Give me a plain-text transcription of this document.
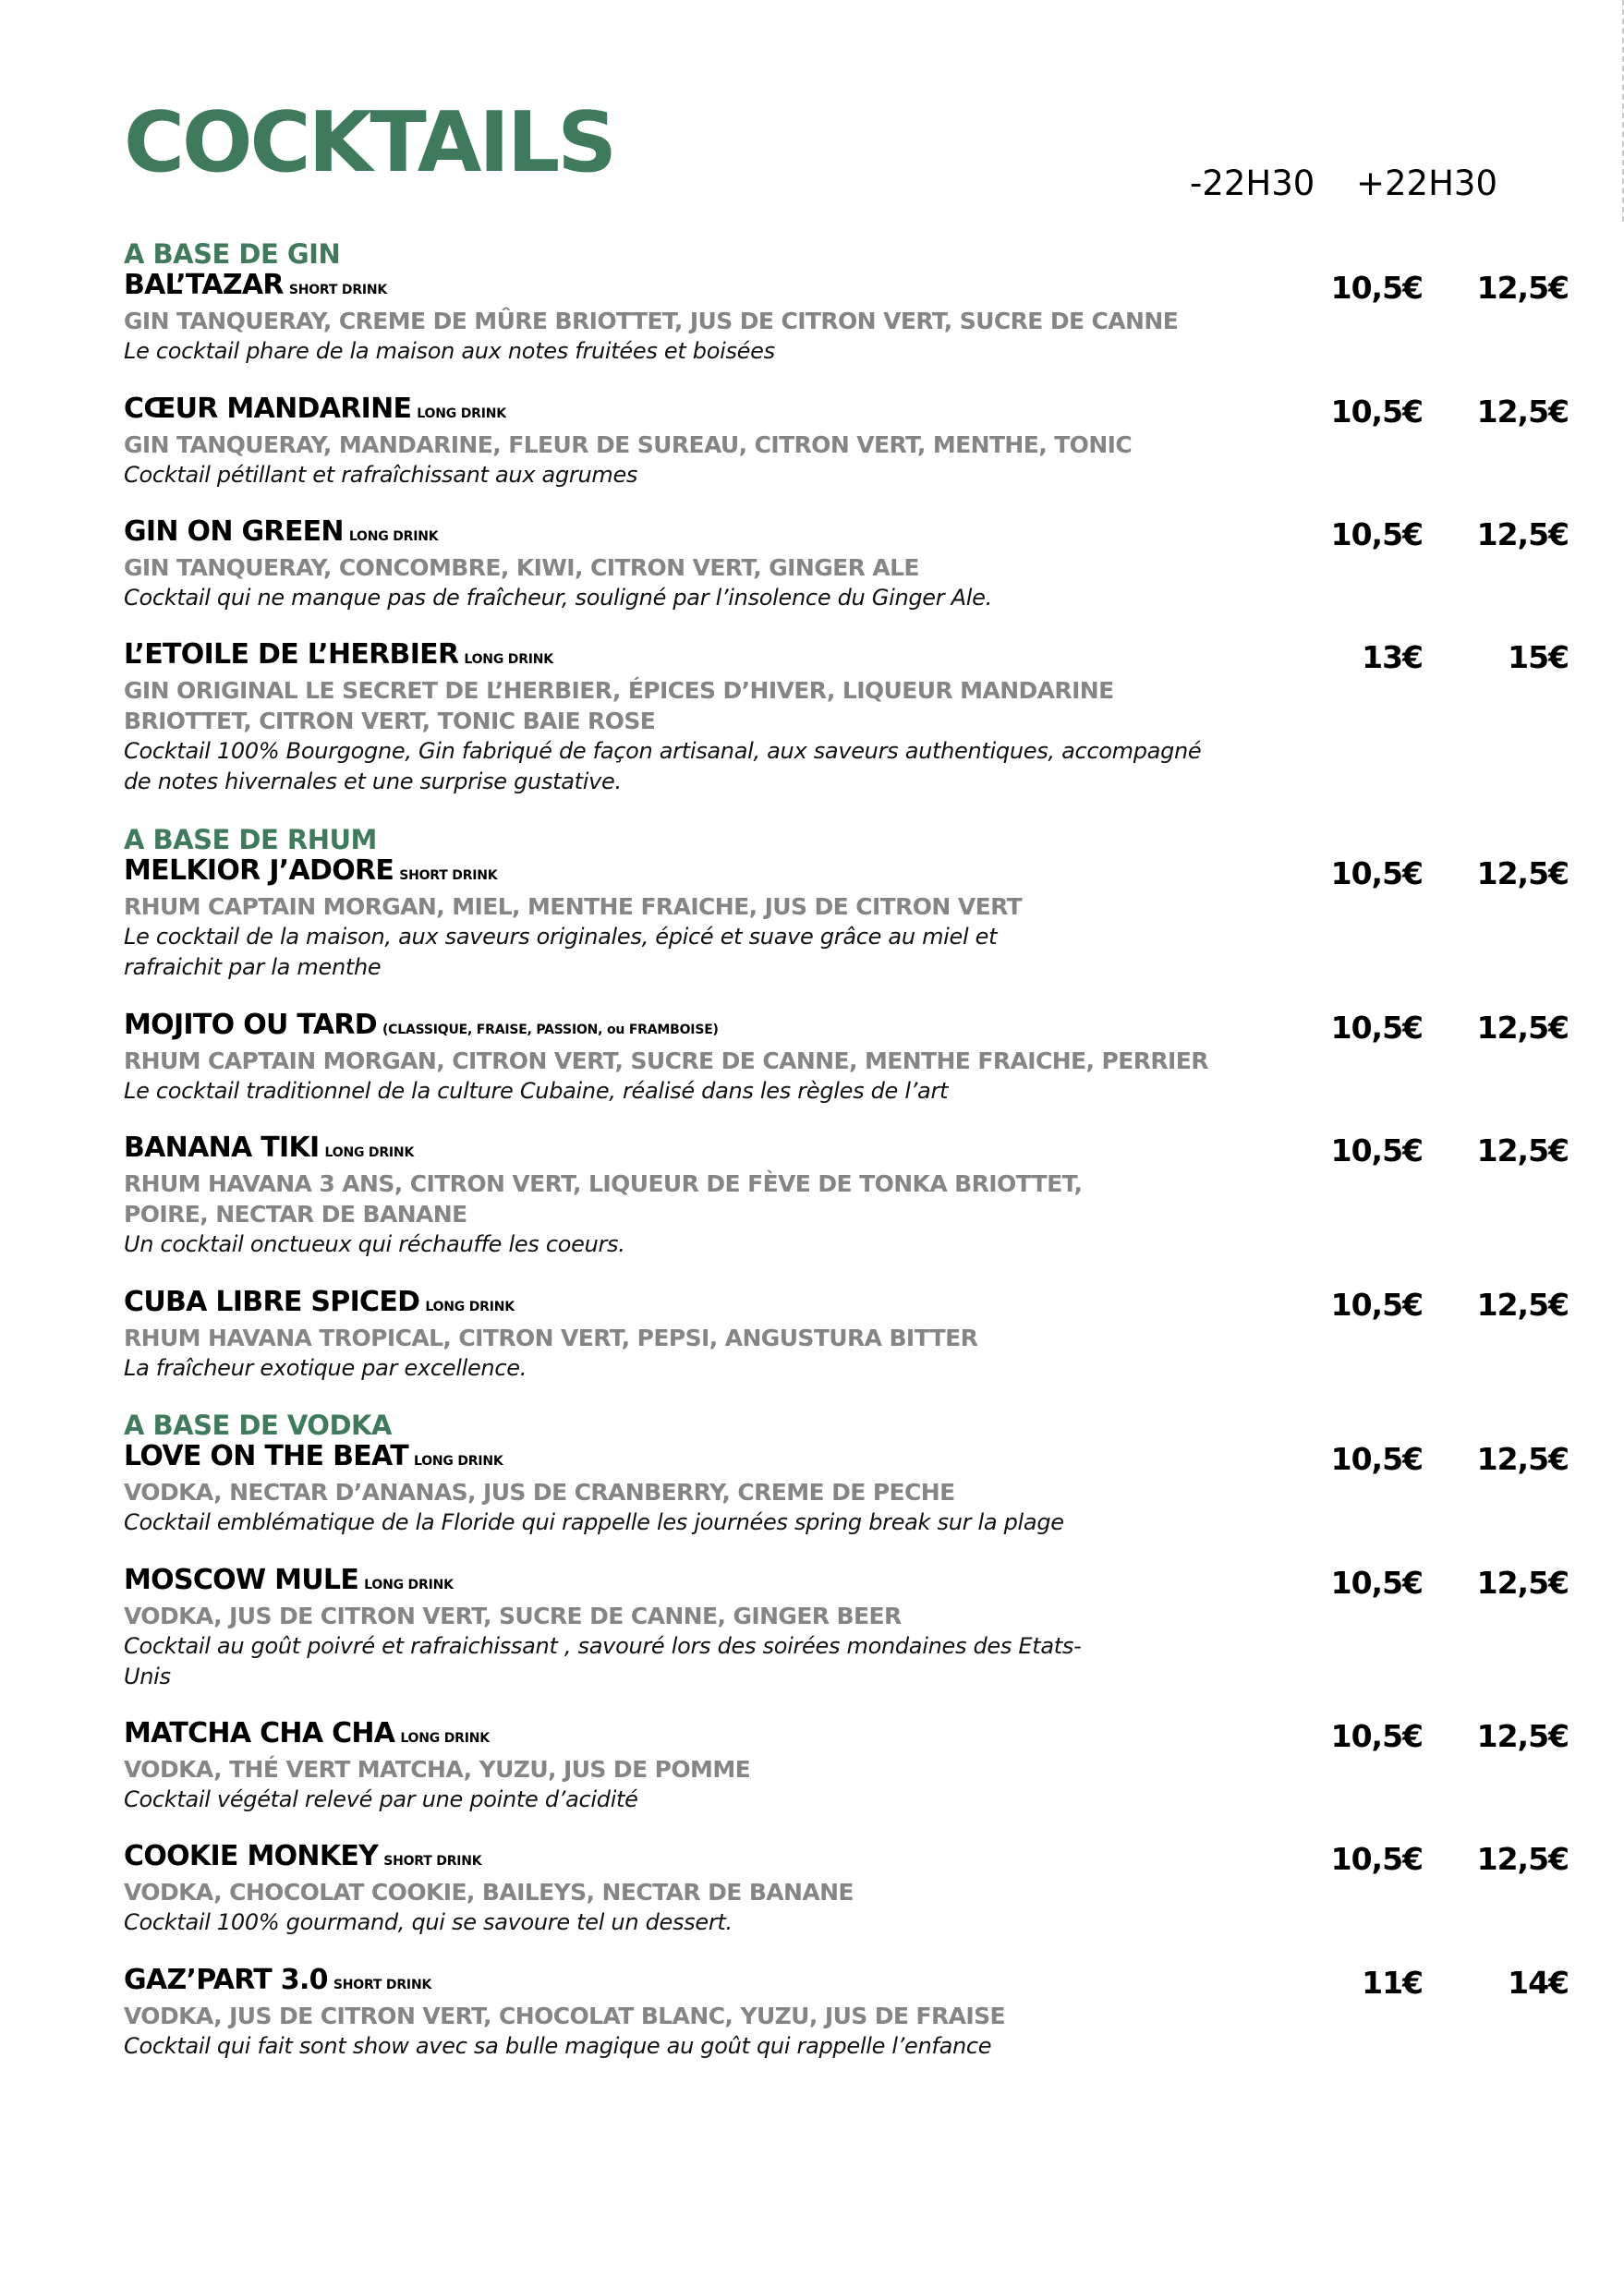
COCKTAILS	-22H30 +22H30
A BASE DE GIN
BAL’TAZAR SHORT DRINK
GIN TANQUERAY, CREME DE MÛRE BRIOTTET, JUS DE CITRON VERT, SUCRE DE CANNE
Le cocktail phare de la maison aux notes fruitées et boisées
10,5€ 12,5€
CŒUR MANDARINE LONG DRINK
GIN TANQUERAY, MANDARINE, FLEUR DE SUREAU, CITRON VERT, MENTHE, TONIC
Cocktail pétillant et rafraîchissant aux agrumes
10,5€ 12,5€
GIN ON GREEN LONG DRINK
GIN TANQUERAY, CONCOMBRE, KIWI, CITRON VERT, GINGER ALE
Cocktail qui ne manque pas de fraîcheur, souligné par l’insolence du Ginger Ale.
10,5€ 12,5€
L’ETOILE DE L’HERBIER LONG DRINK
GIN ORIGINAL LE SECRET DE L’HERBIER, ÉPICES D’HIVER, LIQUEUR MANDARINE BRIOTTET, CITRON VERT, TONIC BAIE ROSE
Cocktail 100% Bourgogne, Gin fabriqué de façon artisanal, aux saveurs authentiques, accompagné de notes hivernales et une surprise gustative.
13€	15€
A BASE DE RHUM
MELKIOR J’ADORE SHORT DRINK
RHUM CAPTAIN MORGAN, MIEL, MENTHE FRAICHE, JUS DE CITRON VERT
Le cocktail de la maison, aux saveurs originales, épicé et suave grâce au miel et rafraichit par la menthe
10,5€ 12,5€
MOJITO OU TARD (CLASSIQUE, FRAISE, PASSION, ou FRAMBOISE)
RHUM CAPTAIN MORGAN, CITRON VERT, SUCRE DE CANNE, MENTHE FRAICHE, PERRIER
Le cocktail traditionnel de la culture Cubaine, réalisé dans les règles de l’art
10,5€ 12,5€
BANANA TIKI LONG DRINK
RHUM HAVANA 3 ANS, CITRON VERT, LIQUEUR DE FÈVE DE TONKA BRIOTTET, POIRE, NECTAR DE BANANE
Un cocktail onctueux qui réchauffe les coeurs.
10,5€ 12,5€
CUBA LIBRE SPICED LONG DRINK
RHUM HAVANA TROPICAL, CITRON VERT, PEPSI, ANGUSTURA BITTER
La fraîcheur exotique par excellence.
10,5€ 12,5€
A BASE DE VODKA
LOVE ON THE BEAT LONG DRINK
VODKA, NECTAR D’ANANAS, JUS DE CRANBERRY, CREME DE PECHE
Cocktail emblématique de la Floride qui rappelle les journées spring break sur la plage
10,5€ 12,5€
MOSCOW MULE LONG DRINK
VODKA, JUS DE CITRON VERT, SUCRE DE CANNE, GINGER BEER
Cocktail au goût poivré et rafraichissant , savouré lors des soirées mondaines des Etats-Unis
10,5€ 12,5€
MATCHA CHA CHA LONG DRINK
VODKA, THÉ VERT MATCHA, YUZU, JUS DE POMME
Cocktail végétal relevé par une pointe d’acidité
10,5€ 12,5€
COOKIE MONKEY SHORT DRINK
VODKA, CHOCOLAT COOKIE, BAILEYS, NECTAR DE BANANE
Cocktail 100% gourmand, qui se savoure tel un dessert.
10,5€ 12,5€
GAZ’PART 3.0 SHORT DRINK
VODKA, JUS DE CITRON VERT, CHOCOLAT BLANC, YUZU, JUS DE FRAISE
Cocktail qui fait sont show avec sa bulle magique au goût qui rappelle l’enfance
11€	14€
